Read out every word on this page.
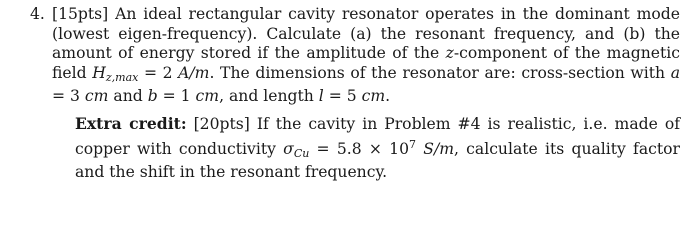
4. [15pts] An ideal rectangular cavity resonator operates in the dominant mode (lowest eigen-frequency). Calculate (a) the resonant frequency, and (b) the amount of energy stored if the amplitude of the z-component of the magnetic field $H_{z,max} = 2$ A/m. The dimensions of the resonator are: cross-section with a = 3 cm and b = 1 cm, and length l = 5 cm.
Extra credit: [20pts] If the cavity in Problem #4 is realistic, i.e. made of copper with conductivity $\sigma_{Cu} = 5.8 \times 10^7$ S/m, calculate its quality factor and the shift in the resonant frequency.
